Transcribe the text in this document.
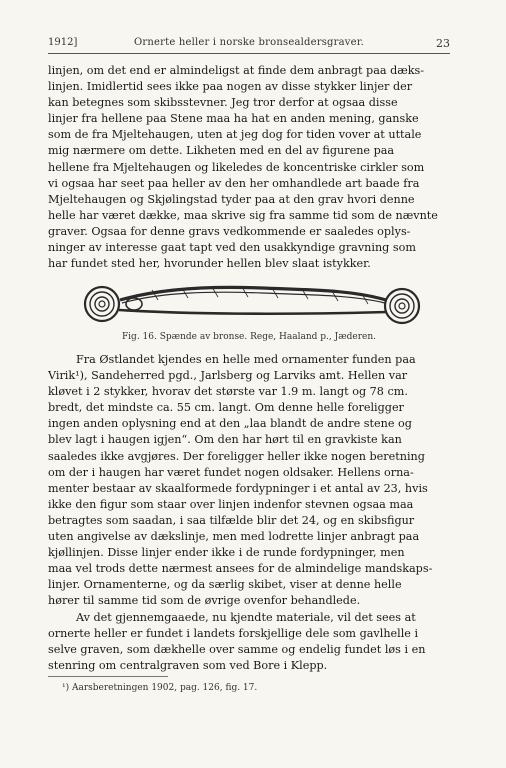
1912]	Ornerte heller i norske bronsealdersgraver.	23
linjen, om det end er almindeligst at finde dem anbragt paa dæks-
linjen. Imidlertid sees ikke paa nogen av disse stykker linjer der
kan betegnes som skibsstevner. Jeg tror derfor at ogsaa disse
linjer fra hellene paa Stene maa ha hat en anden mening, ganske
som de fra Mjeltehaugen, uten at jeg dog for tiden vover at uttale
mig nærmere om dette. Likheten med en del av figurene paa
hellene fra Mjeltehaugen og likeledes de koncentriske cirkler som
vi ogsaa har seet paa heller av den her omhandlede art baade fra
Mjeltehaugen og Skjølingstad tyder paa at den grav hvori denne
helle har været dække, maa skrive sig fra samme tid som de nævnte
graver. Ogsaa for denne gravs vedkommende er saaledes oplys-
ninger av interesse gaat tapt ved den usakkyndige gravning som
har fundet sted her, hvorunder hellen blev slaat istykker.
Fig. 16. Spænde av bronse. Rege, Haaland p., Jæderen.
Fra Østlandet kjendes en helle med ornamenter funden paa
Virik¹), Sandeherred pgd., Jarlsberg og Larviks amt. Hellen var
kløvet i 2 stykker, hvorav det største var 1.9 m. langt og 78 cm.
bredt, det mindste ca. 55 cm. langt. Om denne helle foreligger
ingen anden oplysning end at den „laa blandt de andre stene og
blev lagt i haugen igjen“. Om den har hørt til en gravkiste kan
saaledes ikke avgjøres. Der foreligger heller ikke nogen beretning
om der i haugen har været fundet nogen oldsaker. Hellens orna-
menter bestaar av skaalformede fordypninger i et antal av 23, hvis
ikke den figur som staar over linjen indenfor stevnen ogsaa maa
betragtes som saadan, i saa tilfælde blir det 24, og en skibsfigur
uten angivelse av dækslinje, men med lodrette linjer anbragt paa
kjøllinjen. Disse linjer ender ikke i de runde fordypninger, men
maa vel trods dette nærmest ansees for de almindelige mandskaps-
linjer. Ornamenterne, og da særlig skibet, viser at denne helle
hører til samme tid som de øvrige ovenfor behandlede.
Av det gjennemgaaede, nu kjendte materiale, vil det sees at
ornerte heller er fundet i landets forskjellige dele som gavlhelle i
selve graven, som dækhelle over samme og endelig fundet løs i en
stenring om centralgraven som ved Bore i Klepp.
¹) Aarsberetningen 1902, pag. 126, fig. 17.
